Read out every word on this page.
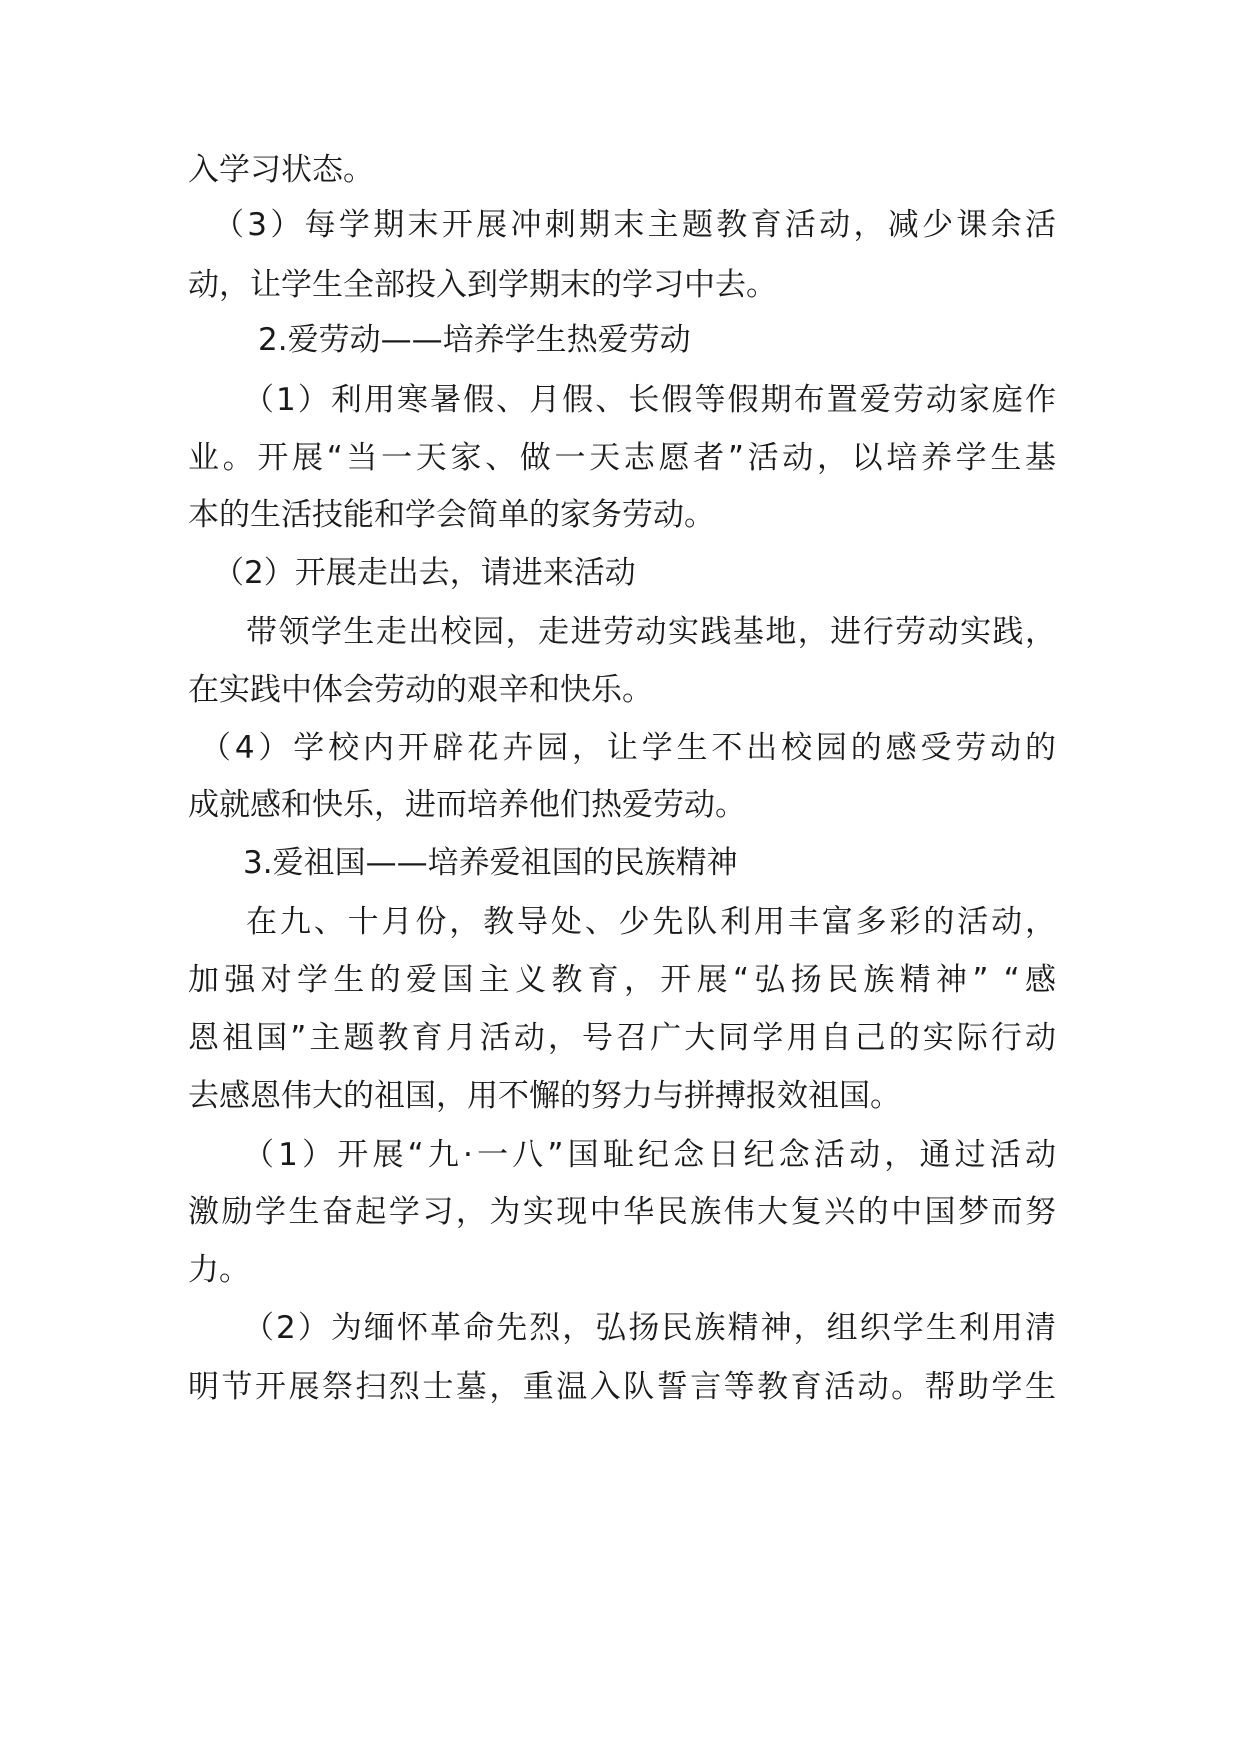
入学习状态。
（3）每学期末开展冲刺期末主题教育活动，减少课余活
动，让学生全部投入到学期末的学习中去。
2.爱劳动——培养学生热爱劳动
（1）利用寒暑假、月假、长假等假期布置爱劳动家庭作
业。开展“当一天家、做一天志愿者”活动，以培养学生基
本的生活技能和学会简单的家务劳动。
（2）开展走出去，请进来活动
带领学生走出校园，走进劳动实践基地，进行劳动实践，
在实践中体会劳动的艰辛和快乐。
（4）学校内开辟花卉园，让学生不出校园的感受劳动的
成就感和快乐，进而培养他们热爱劳动。
3.爱祖国——培养爱祖国的民族精神
在九、十月份，教导处、少先队利用丰富多彩的活动，
加强对学生的爱国主义教育，开展“弘扬民族精神” “感
恩祖国”主题教育月活动，号召广大同学用自己的实际行动
去感恩伟大的祖国，用不懈的努力与拼搏报效祖国。
（1）开展“九·一八”国耻纪念日纪念活动，通过活动
激励学生奋起学习，为实现中华民族伟大复兴的中国梦而努
力。
（2）为缅怀革命先烈，弘扬民族精神，组织学生利用清
明节开展祭扫烈士墓，重温入队誓言等教育活动。帮助学生
